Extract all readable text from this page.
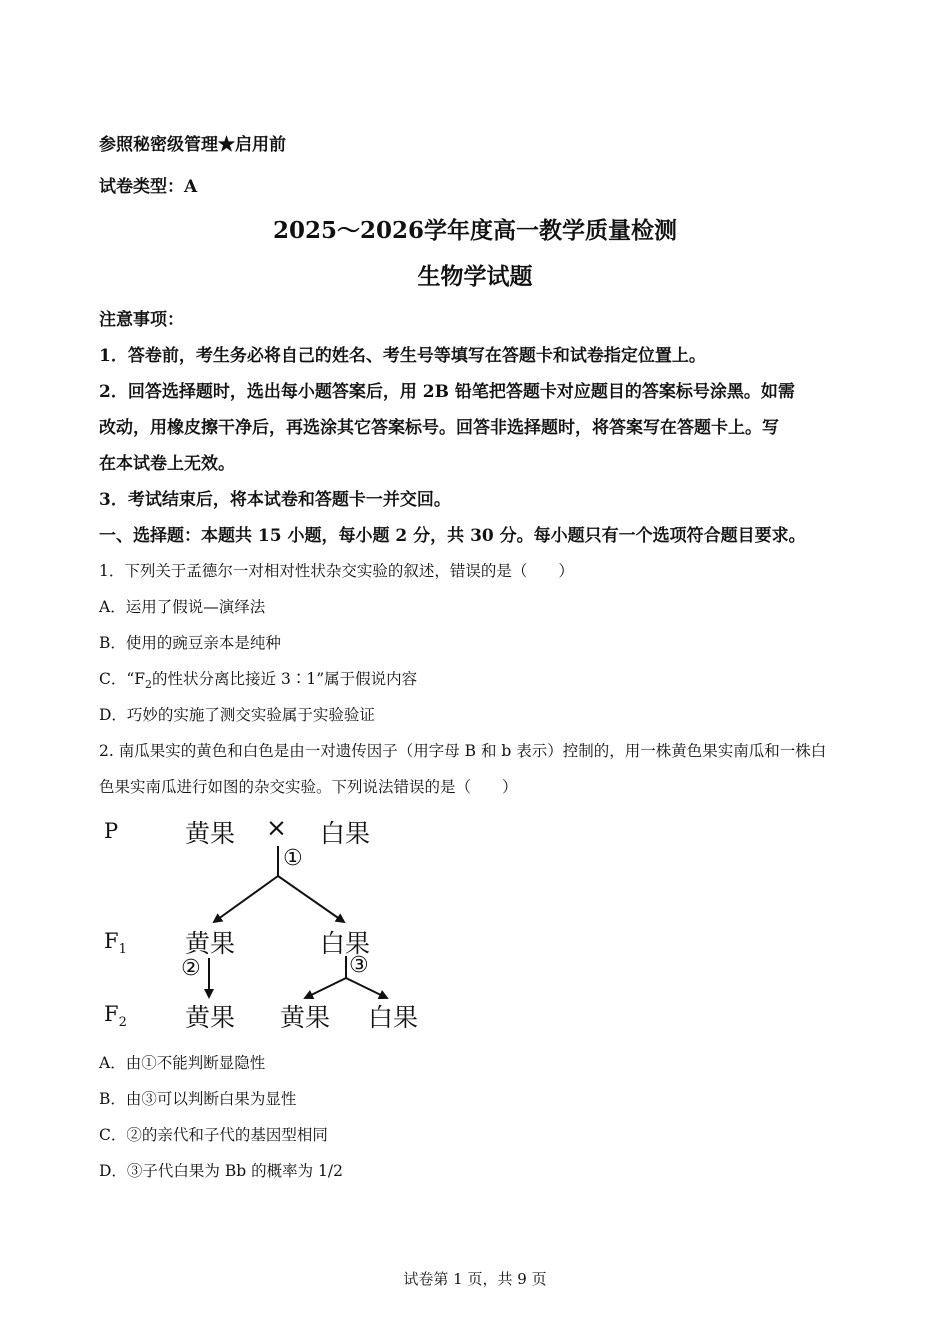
参照秘密级管理★启用前
试卷类型：A
2025～2026学年度高一教学质量检测
生物学试题
注意事项：
1．答卷前，考生务必将自己的姓名、考生号等填写在答题卡和试卷指定位置上。
2．回答选择题时，选出每小题答案后，用 2B 铅笔把答题卡对应题目的答案标号涂黑。如需
改动，用橡皮擦干净后，再选涂其它答案标号。回答非选择题时，将答案写在答题卡上。写
在本试卷上无效。
3．考试结束后，将本试卷和答题卡一并交回。
一、选择题：本题共 15 小题，每小题 2 分，共 30 分。每小题只有一个选项符合题目要求。
1．下列关于孟德尔一对相对性状杂交实验的叙述，错误的是（　　）
A．运用了假说—演绎法
B．使用的豌豆亲本是纯种
C．“$F_2$的性状分离比接近 3∶1”属于假说内容
D．巧妙的实施了测交实验属于实验验证
2. 南瓜果实的黄色和白色是由一对遗传因子（用字母 B 和 b 表示）控制的，用一株黄色果实南瓜和一株白
色果实南瓜进行如图的杂交实验。下列说法错误的是（　　）
P
$F_1$
$F_2$
黄果 × 白果
①
黄果	白果
②	③
黄果 黄果 白果
A．由①不能判断显隐性
B．由③可以判断白果为显性
C．②的亲代和子代的基因型相同
D．③子代白果为 Bb 的概率为 1/2
试卷第 1 页，共 9 页
